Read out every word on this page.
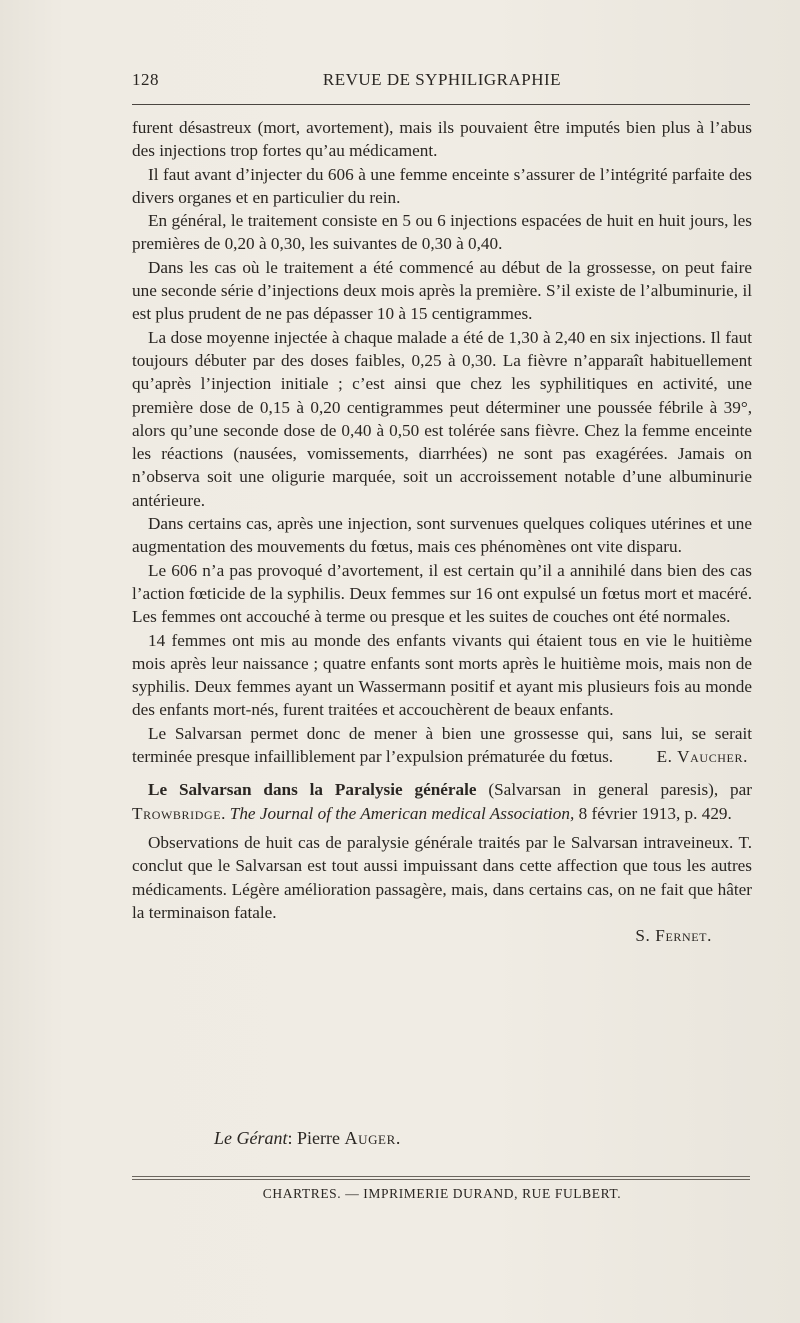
128	REVUE DE SYPHILIGRAPHIE

furent désastreux (mort, avortement), mais ils pouvaient être imputés bien plus à l’abus des injections trop fortes qu’au médicament.

Il faut avant d’injecter du 606 à une femme enceinte s’assurer de l’intégrité parfaite des divers organes et en particulier du rein.

En général, le traitement consiste en 5 ou 6 injections espacées de huit en huit jours, les premières de 0,20 à 0,30, les suivantes de 0,30 à 0,40.

Dans les cas où le traitement a été commencé au début de la grossesse, on peut faire une seconde série d’injections deux mois après la première. S’il existe de l’albuminurie, il est plus prudent de ne pas dépasser 10 à 15 centigrammes.

La dose moyenne injectée à chaque malade a été de 1,30 à 2,40 en six injections. Il faut toujours débuter par des doses faibles, 0,25 à 0,30. La fièvre n’apparaît habituellement qu’après l’injection initiale ; c’est ainsi que chez les syphilitiques en activité, une première dose de 0,15 à 0,20 centigrammes peut déterminer une poussée fébrile à 39°, alors qu’une seconde dose de 0,40 à 0,50 est tolérée sans fièvre. Chez la femme enceinte les réactions (nausées, vomissements, diarrhées) ne sont pas exagérées. Jamais on n’observa soit une oligurie marquée, soit un accroissement notable d’une albuminurie antérieure.

Dans certains cas, après une injection, sont survenues quelques coliques utérines et une augmentation des mouvements du fœtus, mais ces phénomènes ont vite disparu.

Le 606 n’a pas provoqué d’avortement, il est certain qu’il a annihilé dans bien des cas l’action fœticide de la syphilis. Deux femmes sur 16 ont expulsé un fœtus mort et macéré. Les femmes ont accouché à terme ou presque et les suites de couches ont été normales.

14 femmes ont mis au monde des enfants vivants qui étaient tous en vie le huitième mois après leur naissance ; quatre enfants sont morts après le huitième mois, mais non de syphilis. Deux femmes ayant un Wassermann positif et ayant mis plusieurs fois au monde des enfants mort-nés, furent traitées et accouchèrent de beaux enfants.

Le Salvarsan permet donc de mener à bien une grossesse qui, sans lui, se serait terminée presque infailliblement par l’expulsion prématurée du fœtus.	E. Vaucher.

Le Salvarsan dans la Paralysie générale (Salvarsan in general paresis), par Trowbridge. The Journal of the American medical Association, 8 février 1913, p. 429.

Observations de huit cas de paralysie générale traités par le Salvarsan intraveineux. T. conclut que le Salvarsan est tout aussi impuissant dans cette affection que tous les autres médicaments. Légère amélioration passagère, mais, dans certains cas, on ne fait que hâter la terminaison fatale.

S. Fernet.

Le Gérant: Pierre Auger.
CHARTRES. — IMPRIMERIE DURAND, RUE FULBERT.
